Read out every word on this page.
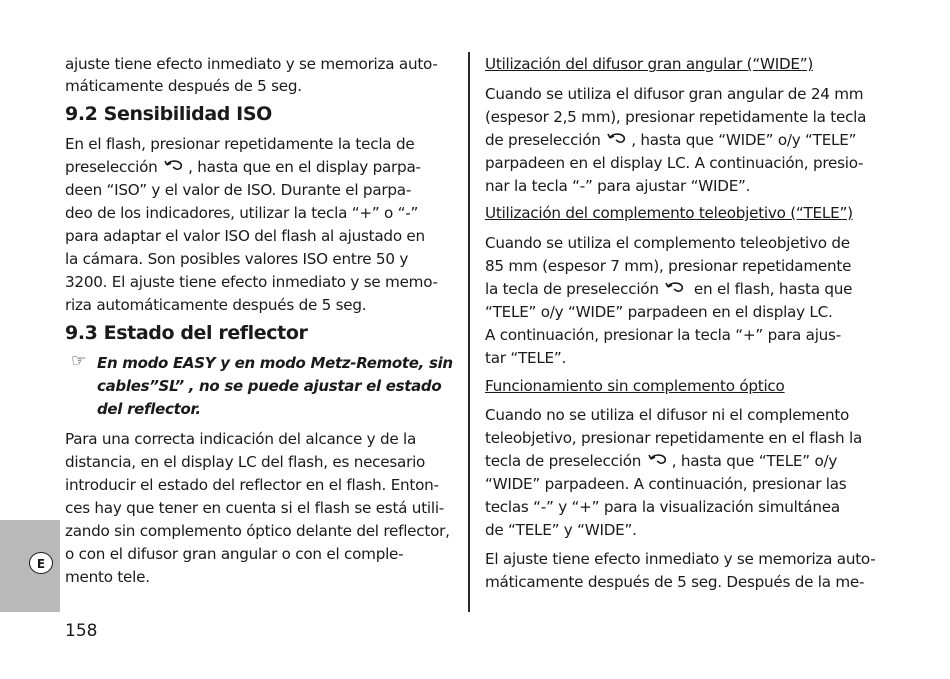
ajuste tiene efecto inmediato y se memoriza auto-
máticamente después de 5 seg.
9.2 Sensibilidad ISO
En el flash, presionar repetidamente la tecla de
preselección , hasta que en el display parpa-
deen “ISO” y el valor de ISO. Durante el parpa-
deo de los indicadores, utilizar la tecla “+” o “-”
para adaptar el valor ISO del flash al ajustado en
la cámara. Son posibles valores ISO entre 50 y
3200. El ajuste tiene efecto inmediato y se memo-
riza automáticamente después de 5 seg.
9.3 Estado del reflector
☞ En modo EASY y en modo Metz-Remote, sin
cables”SL” , no se puede ajustar el estado
del reflector.
Para una correcta indicación del alcance y de la
distancia, en el display LC del flash, es necesario
introducir el estado del reflector en el flash. Enton-
ces hay que tener en cuenta si el flash se está utili-
zando sin complemento óptico delante del reflector,
o con el difusor gran angular o con el comple-
mento tele.
Utilización del difusor gran angular (“WIDE”)
Cuando se utiliza el difusor gran angular de 24 mm
(espesor 2,5 mm), presionar repetidamente la tecla
de preselección , hasta que “WIDE” o/y “TELE”
parpadeen en el display LC. A continuación, presio-
nar la tecla “-” para ajustar “WIDE”.
Utilización del complemento teleobjetivo (“TELE”)
Cuando se utiliza el complemento teleobjetivo de
85 mm (espesor 7 mm), presionar repetidamente
la tecla de preselección en el flash, hasta que
“TELE” o/y “WIDE” parpadeen en el display LC.
A continuación, presionar la tecla “+” para ajus-
tar “TELE”.
Funcionamiento sin complemento óptico
Cuando no se utiliza el difusor ni el complemento
teleobjetivo, presionar repetidamente en el flash la
tecla de preselección , hasta que “TELE” o/y
“WIDE” parpadeen. A continuación, presionar las
teclas “-” y “+” para la visualización simultánea
de “TELE” y “WIDE”.
El ajuste tiene efecto inmediato y se memoriza auto-
máticamente después de 5 seg. Después de la me-
E
158
